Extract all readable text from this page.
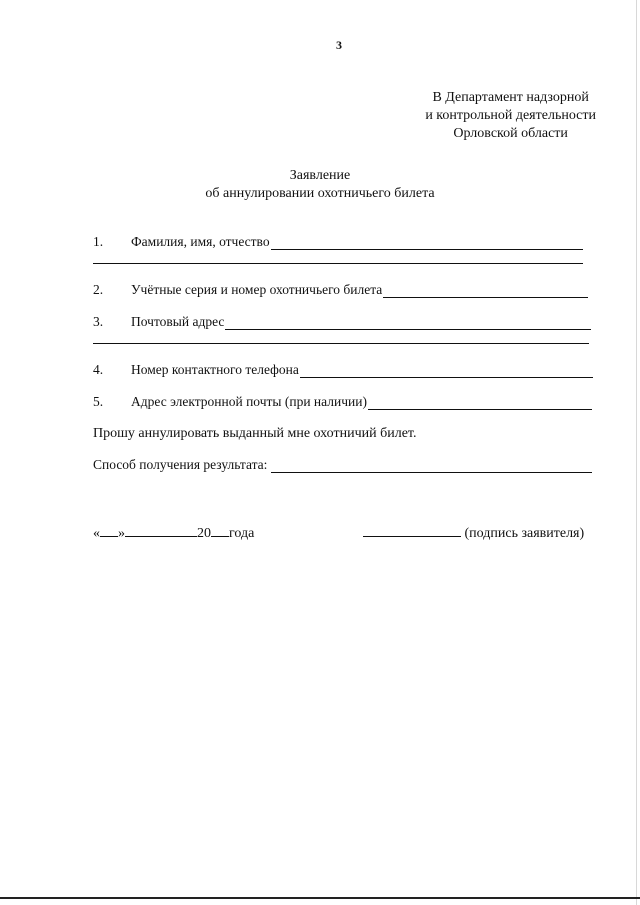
3
В Департамент надзорной
и контрольной деятельности
Орловской области
Заявление
об аннулировании охотничьего билета
1.	Фамилия, имя, отчество
2.	Учётные серия и номер охотничьего билета
3.	Почтовый адрес
4.	Номер контактного телефона
5.	Адрес электронной почты (при наличии)
Прошу аннулировать выданный мне охотничий билет.
Способ получения результата:
« »	20 года	(подпись заявителя)
